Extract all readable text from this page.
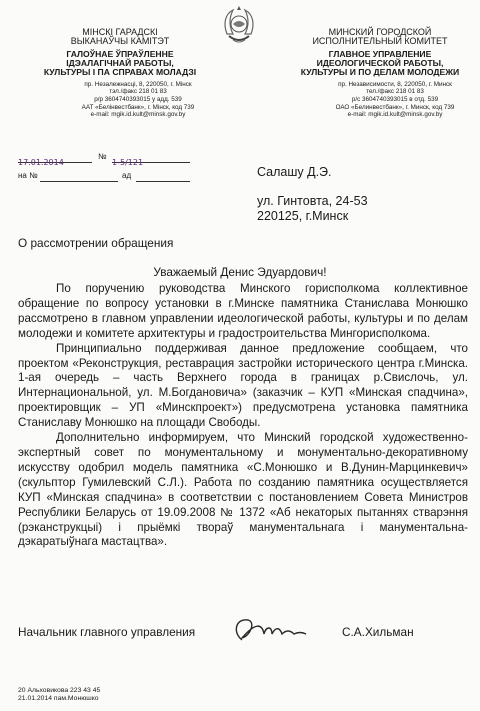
МІНСКІ ГАРАДСКІ
ВЫКАНАЎЧЫ КАМІТЭТ
ГАЛОЎНАЕ ЎПРАЎЛЕННЕ
ІДЭАЛАГІЧНАЙ РАБОТЫ,
КУЛЬТУРЫ І ПА СПРАВАХ МОЛАДЗІ
пр. Незалежнасці, 8, 220050, г. Мінск
тэл./факс 218 01 83
р/р 3604740393015 у адд. 539
ААТ «Белінвестбанк», г. Мінск, код 739
e-mail: mgik.id.kult@minsk.gov.by
МИНСКИЙ ГОРОДСКОЙ
ИСПОЛНИТЕЛЬНЫЙ КОМИТЕТ
ГЛАВНОЕ УПРАВЛЕНИЕ
ИДЕОЛОГИЧЕСКОЙ РАБОТЫ,
КУЛЬТУРЫ И ПО ДЕЛАМ МОЛОДЕЖИ
пр. Независимости, 8, 220050, г. Минск
тел./факс 218 01 83
р/с 3604740393015 в отд. 539
ОАО «Белинвестбанк», г. Минск, код 739
e-mail: mgik.id.kult@minsk.gov.by
17.01.2014
№
1-5/121
на №	ад	Салашу Д.Э.
ул. Гинтовта, 24-53
220125, г.Минск
О рассмотрении обращения
Уважаемый Денис Эдуардович!

По поручению руководства Минского горисполкома коллективное обращение по вопросу установки в г.Минске памятника Станислава Монюшко рассмотрено в главном управлении идеологической работы, культуры и по делам молодежи и комитете архитектуры и градостроительства Мингорисполкома.

Принципиально поддерживая данное предложение сообщаем, что проектом «Реконструкция, реставрация застройки исторического центра г.Минска. 1-ая очередь – часть Верхнего города в границах р.Свислочь, ул. Интернациональной, ул. М.Богдановича» (заказчик – КУП «Минская спадчина», проектировщик – УП «Минскпроект») предусмотрена установка памятника Станиславу Монюшко на площади Свободы.

Дополнительно информируем, что Минский городской художественно-экспертный совет по монументальному и монументально-декоративному искусству одобрил модель памятника «С.Монюшко и В.Дунин-Марцинкевич» (скульптор Гумилевский С.Л.). Работа по созданию памятника осуществляется КУП «Минская спадчина» в соответствии с постановлением Совета Министров Республики Беларусь от 19.09.2008 № 1372 «Аб некаторых пытаннях стварэння (рэканструкцыі) і прыёмкі твораў манументальнага і манументальна-дэкаратыўнага мастацтва».

Начальник главного управления	С.А.Хильман
20 Альховикова 223 43 45
21.01.2014 пам.Монюшко
